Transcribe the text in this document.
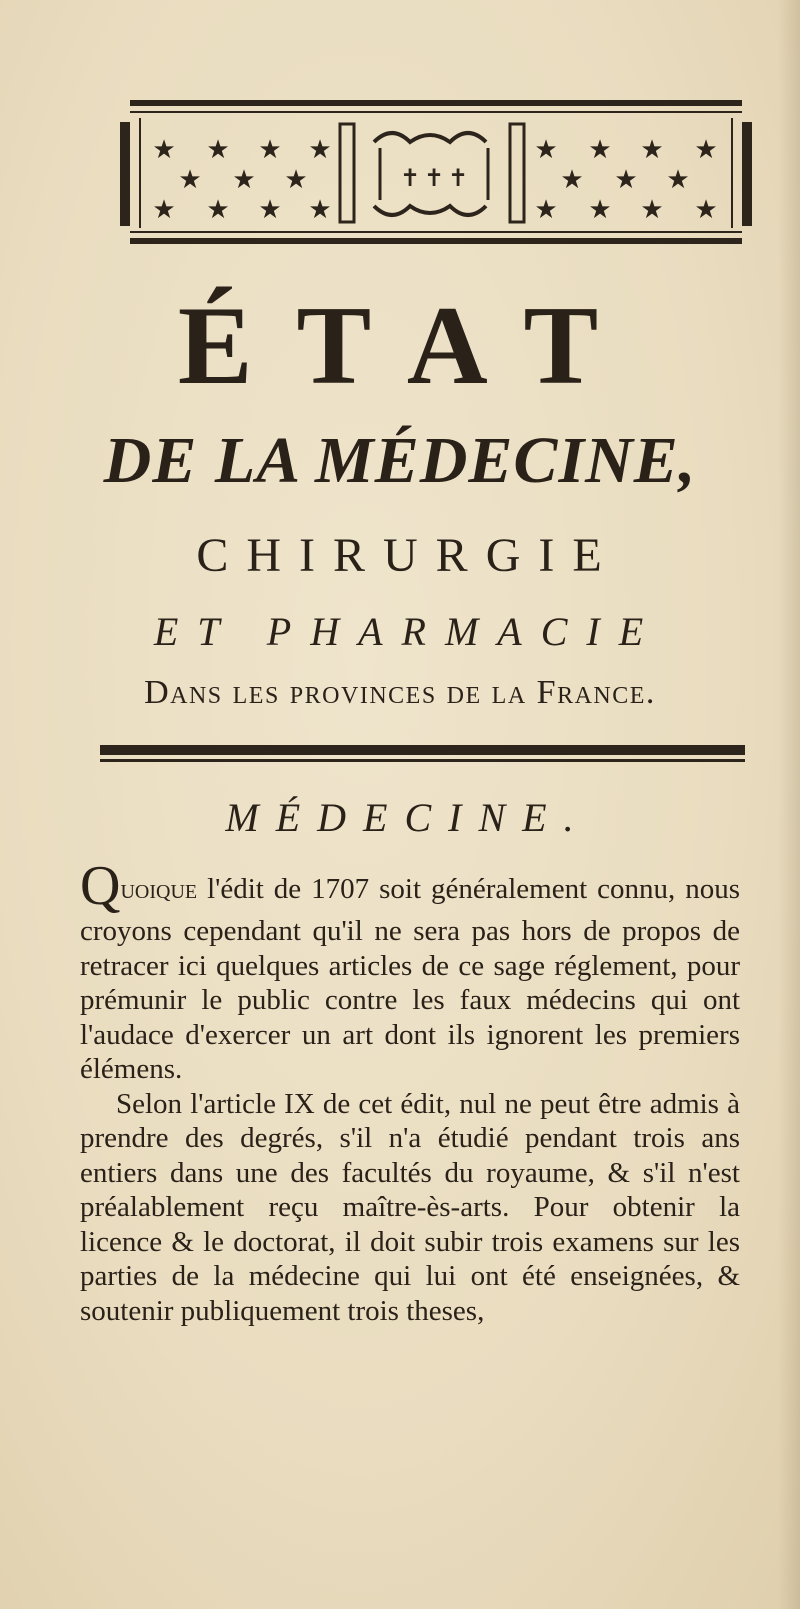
★ ★ ★ ★
★ ★ ★
★ ★ ★ ★
★ ★ ★ ★
★ ★ ★
★ ★ ★ ★
✝ ✝ ✝
ÉTAT
DE LA MÉDECINE,
CHIRURGIE
ET PHARMACIE
Dans les provinces de la France.
MÉDECINE.

Quoique l'édit de 1707 soit généralement connu, nous croyons cependant qu'il ne sera pas hors de propos de retracer ici quelques articles de ce sage réglement, pour prémunir le public contre les faux médecins qui ont l'audace d'exercer un art dont ils ignorent les premiers élémens.

Selon l'article IX de cet édit, nul ne peut être admis à prendre des degrés, s'il n'a étudié pendant trois ans entiers dans une des facultés du royaume, & s'il n'est préalablement reçu maître-ès-arts. Pour obtenir la licence & le doctorat, il doit subir trois examens sur les parties de la médecine qui lui ont été enseignées, & soutenir publiquement trois theses,
